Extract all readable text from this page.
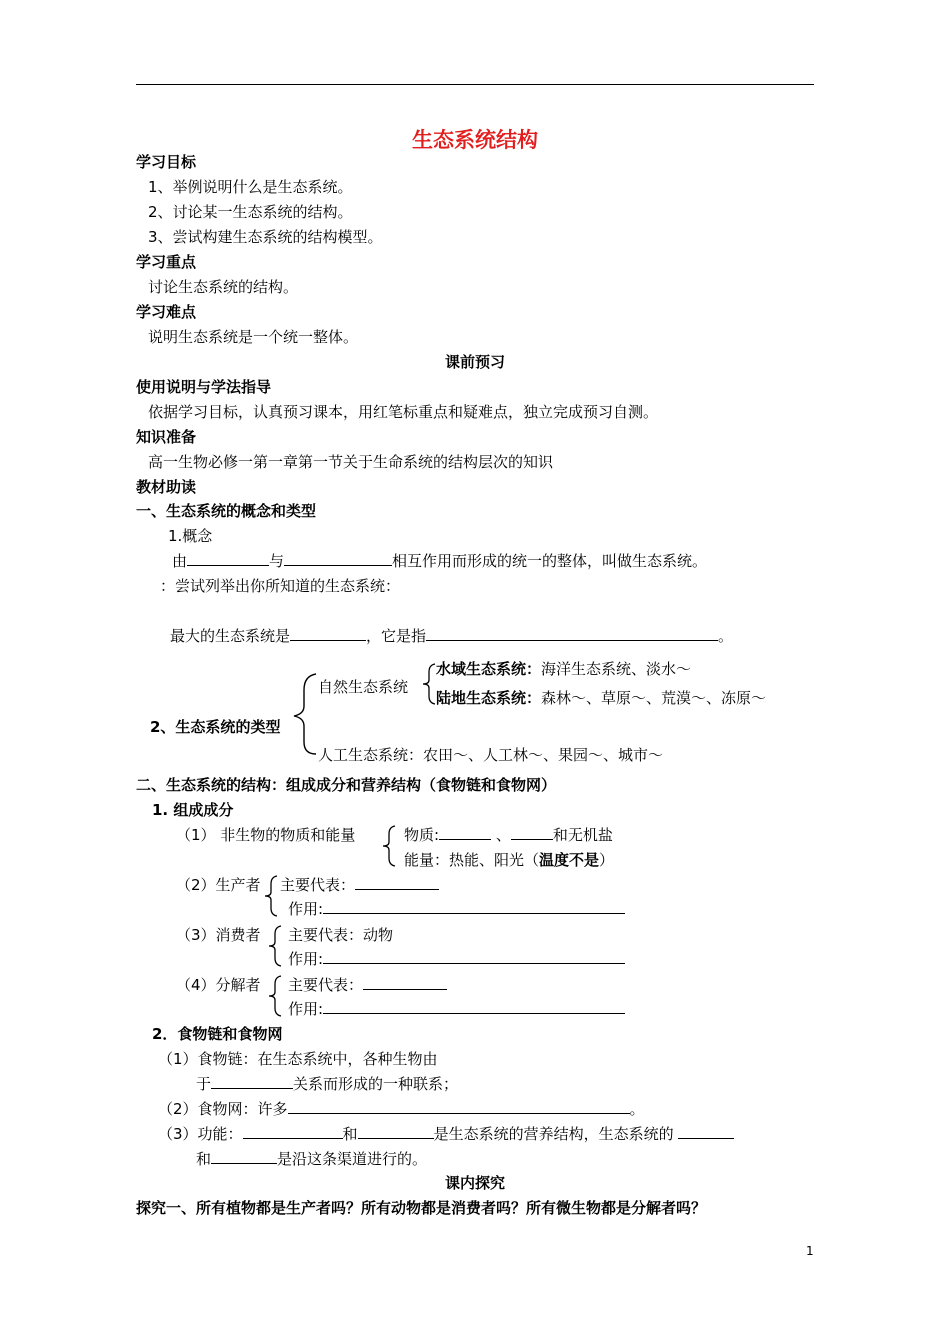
生态系统结构
学习目标
1、举例说明什么是生态系统。
2、讨论某一生态系统的结构。
3、尝试构建生态系统的结构模型。
学习重点
讨论生态系统的结构。
学习难点
说明生态系统是一个统一整体。
课前预习
使用说明与学法指导
依据学习目标，认真预习课本，用红笔标重点和疑难点，独立完成预习自测。
知识准备
高一生物必修一第一章第一节关于生命系统的结构层次的知识
教材助读
一、生态系统的概念和类型
1.概念
由	与	相互作用而形成的统一的整体，叫做生态系统。
：尝试列举出你所知道的生态系统：
最大的生态系统是	，它是指	。
2、生态系统的类型
自然生态系统
水域生态系统：海洋生态系统、淡水～
陆地生态系统：森林～、草原～、荒漠～、冻原～
人工生态系统：农田～、人工林～、果园～、城市～
二、生态系统的结构：组成成分和营养结构（食物链和食物网）
1. 组成成分
（1） 非生物的物质和能量	物质:	、	和无机盐
能量：热能、阳光（温度不是）
（2）生产者 主要代表：
作用:
（3）消费者 主要代表：动物
作用:
（4）分解者 主要代表：
作用:
2．食物链和食物网
（1）食物链：在生态系统中，各种生物由
于	关系而形成的一种联系；
（2）食物网：许多	。
（3）功能：	和	是生态系统的营养结构，生态系统的
和	是沿这条渠道进行的。
课内探究
探究一、所有植物都是生产者吗？所有动物都是消费者吗？所有微生物都是分解者吗？
1
